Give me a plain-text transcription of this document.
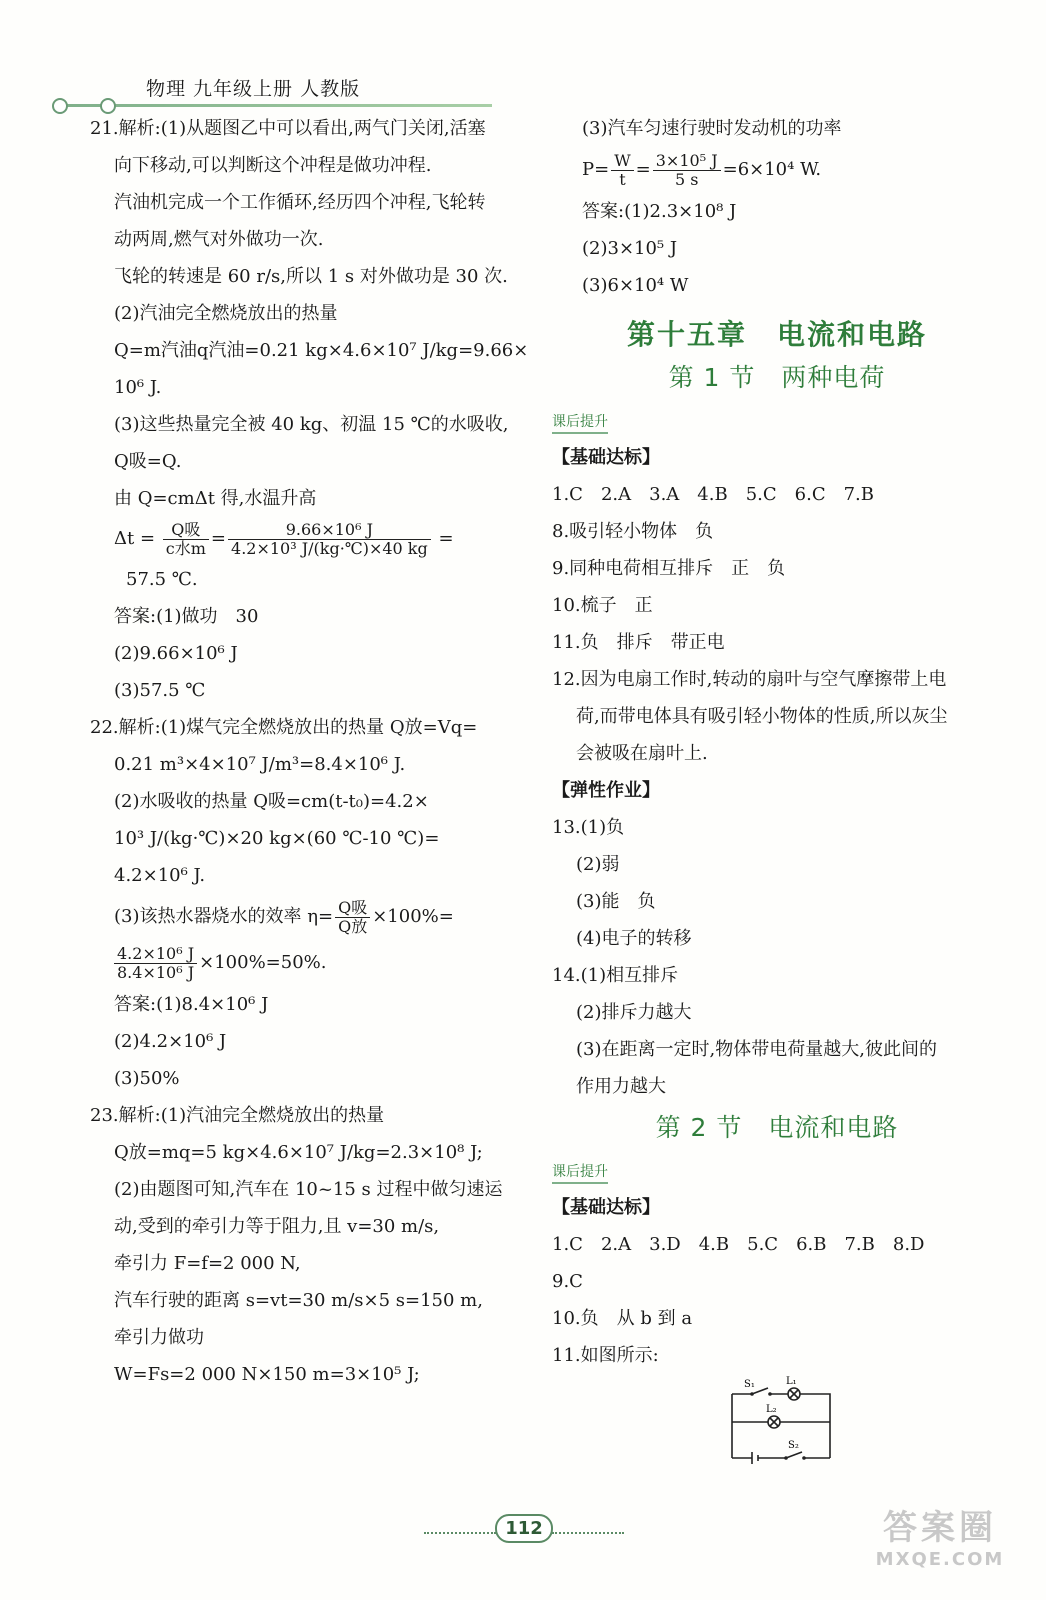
物理 九年级上册 人教版
21.解析:(1)从题图乙中可以看出,两气门关闭,活塞
向下移动,可以判断这个冲程是做功冲程.
汽油机完成一个工作循环,经历四个冲程,飞轮转
动两周,燃气对外做功一次.
飞轮的转速是 60 r/s,所以 1 s 对外做功是 30 次.
(2)汽油完全燃烧放出的热量
Q=m汽油q汽油=0.21 kg×4.6×10⁷ J/kg=9.66×
10⁶ J.
(3)这些热量完全被 40 kg、初温 15 ℃的水吸收,
Q吸=Q.
由 Q=cmΔt 得,水温升高
$\Delta t = \frac{\text{Q吸}}{\text{c水m}} = \frac{\text{9.66×10⁶ J}}{\text{4.2×10³ J/(kg·℃)×40 kg}}$ =
57.5 ℃.
答案:(1)做功　30
(2)9.66×10⁶ J
(3)57.5 ℃
22.解析:(1)煤气完全燃烧放出的热量 Q放=Vq=
0.21 m³×4×10⁷ J/m³=8.4×10⁶ J.
(2)水吸收的热量 Q吸=cm(t-t₀)=4.2×
10³ J/(kg·℃)×20 kg×(60 ℃-10 ℃)=
4.2×10⁶ J.
(3)该热水器烧水的效率 $\eta= \frac{\text{Q吸}}{\text{Q放}} \times 100\%=$
$\frac{\text{4.2×10⁶ J}}{\text{8.4×10⁶ J}} \times 100\%=50\%$.
答案:(1)8.4×10⁶ J
(2)4.2×10⁶ J
(3)50%
23.解析:(1)汽油完全燃烧放出的热量
Q放=mq=5 kg×4.6×10⁷ J/kg=2.3×10⁸ J;
(2)由题图可知,汽车在 10~15 s 过程中做匀速运
动,受到的牵引力等于阻力,且 v=30 m/s,
牵引力 F=f=2 000 N,
汽车行驶的距离 s=vt=30 m/s×5 s=150 m,
牵引力做功
W=Fs=2 000 N×150 m=3×10⁵ J;
(3)汽车匀速行驶时发动机的功率
$P= \frac{W}{t} = \frac{\text{3×10⁵ J}}{5 s} =6\times 10^4$ W.
答案:(1)2.3×10⁸ J
(2)3×10⁵ J
(3)6×10⁴ W
第十五章　电流和电路
第 1 节　两种电荷
课后提升
【基础达标】
1.C　2.A　3.A　4.B　5.C　6.C　7.B
8.吸引轻小物体　负
9.同种电荷相互排斥　正　负
10.梳子　正
11.负　排斥　带正电
12.因为电扇工作时,转动的扇叶与空气摩擦带上电
荷,而带电体具有吸引轻小物体的性质,所以灰尘
会被吸在扇叶上.
【弹性作业】
13.(1)负
(2)弱
(3)能　负
(4)电子的转移
14.(1)相互排斥
(2)排斥力越大
(3)在距离一定时,物体带电荷量越大,彼此间的
作用力越大
第 2 节　电流和电路
课后提升
【基础达标】
1.C　2.A　3.D　4.B　5.C　6.B　7.B　8.D
9.C
10.负　从 b 到 a
11.如图所示:
S₁	L₁
L₂
S₂
112	答案圈
MXQE.COM
